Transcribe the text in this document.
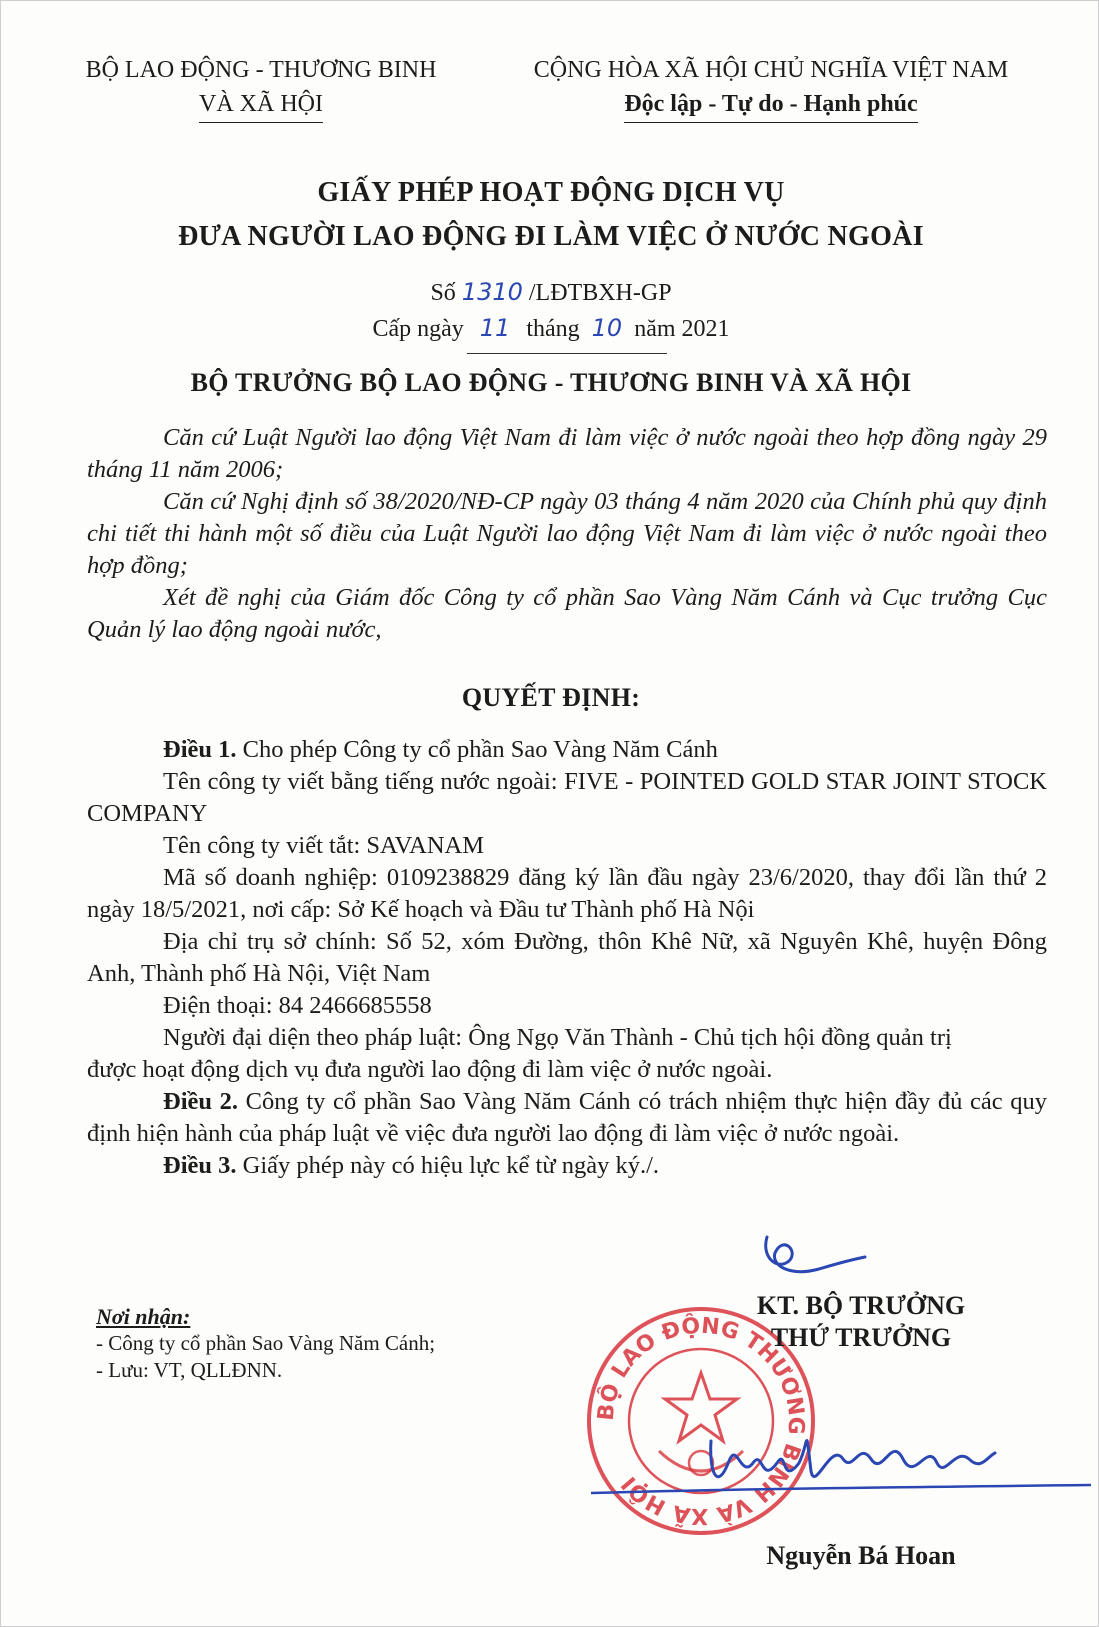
BỘ LAO ĐỘNG - THƯƠNG BINH
VÀ XÃ HỘI
CỘNG HÒA XÃ HỘI CHỦ NGHĨA VIỆT NAM
Độc lập - Tự do - Hạnh phúc
GIẤY PHÉP HOẠT ĐỘNG DỊCH VỤ
ĐƯA NGƯỜI LAO ĐỘNG ĐI LÀM VIỆC Ở NƯỚC NGOÀI
Số 1310 /LĐTBXH-GP
Cấp ngày 11 tháng 10 năm 2021
BỘ TRƯỞNG BỘ LAO ĐỘNG - THƯƠNG BINH VÀ XÃ HỘI
Căn cứ Luật Người lao động Việt Nam đi làm việc ở nước ngoài theo hợp đồng ngày 29 tháng 11 năm 2006;
Căn cứ Nghị định số 38/2020/NĐ-CP ngày 03 tháng 4 năm 2020 của Chính phủ quy định chi tiết thi hành một số điều của Luật Người lao động Việt Nam đi làm việc ở nước ngoài theo hợp đồng;
Xét đề nghị của Giám đốc Công ty cổ phần Sao Vàng Năm Cánh và Cục trưởng Cục Quản lý lao động ngoài nước,
QUYẾT ĐỊNH:
Điều 1. Cho phép Công ty cổ phần Sao Vàng Năm Cánh
Tên công ty viết bằng tiếng nước ngoài: FIVE - POINTED GOLD STAR JOINT STOCK COMPANY
Tên công ty viết tắt: SAVANAM
Mã số doanh nghiệp: 0109238829 đăng ký lần đầu ngày 23/6/2020, thay đổi lần thứ 2 ngày 18/5/2021, nơi cấp: Sở Kế hoạch và Đầu tư Thành phố Hà Nội
Địa chỉ trụ sở chính: Số 52, xóm Đường, thôn Khê Nữ, xã Nguyên Khê, huyện Đông Anh, Thành phố Hà Nội, Việt Nam
Điện thoại: 84 2466685558
Người đại diện theo pháp luật: Ông Ngọ Văn Thành - Chủ tịch hội đồng quản trị
được hoạt động dịch vụ đưa người lao động đi làm việc ở nước ngoài.
Điều 2. Công ty cổ phần Sao Vàng Năm Cánh có trách nhiệm thực hiện đầy đủ các quy định hiện hành của pháp luật về việc đưa người lao động đi làm việc ở nước ngoài.
Điều 3. Giấy phép này có hiệu lực kể từ ngày ký./.
Nơi nhận:
- Công ty cổ phần Sao Vàng Năm Cánh;
- Lưu: VT, QLLĐNN.
BỘ LAO ĐỘNG THƯƠNG BINH VÀ XÃ HỘI
KT. BỘ TRƯỞNG
THỨ TRƯỞNG
Nguyễn Bá Hoan
